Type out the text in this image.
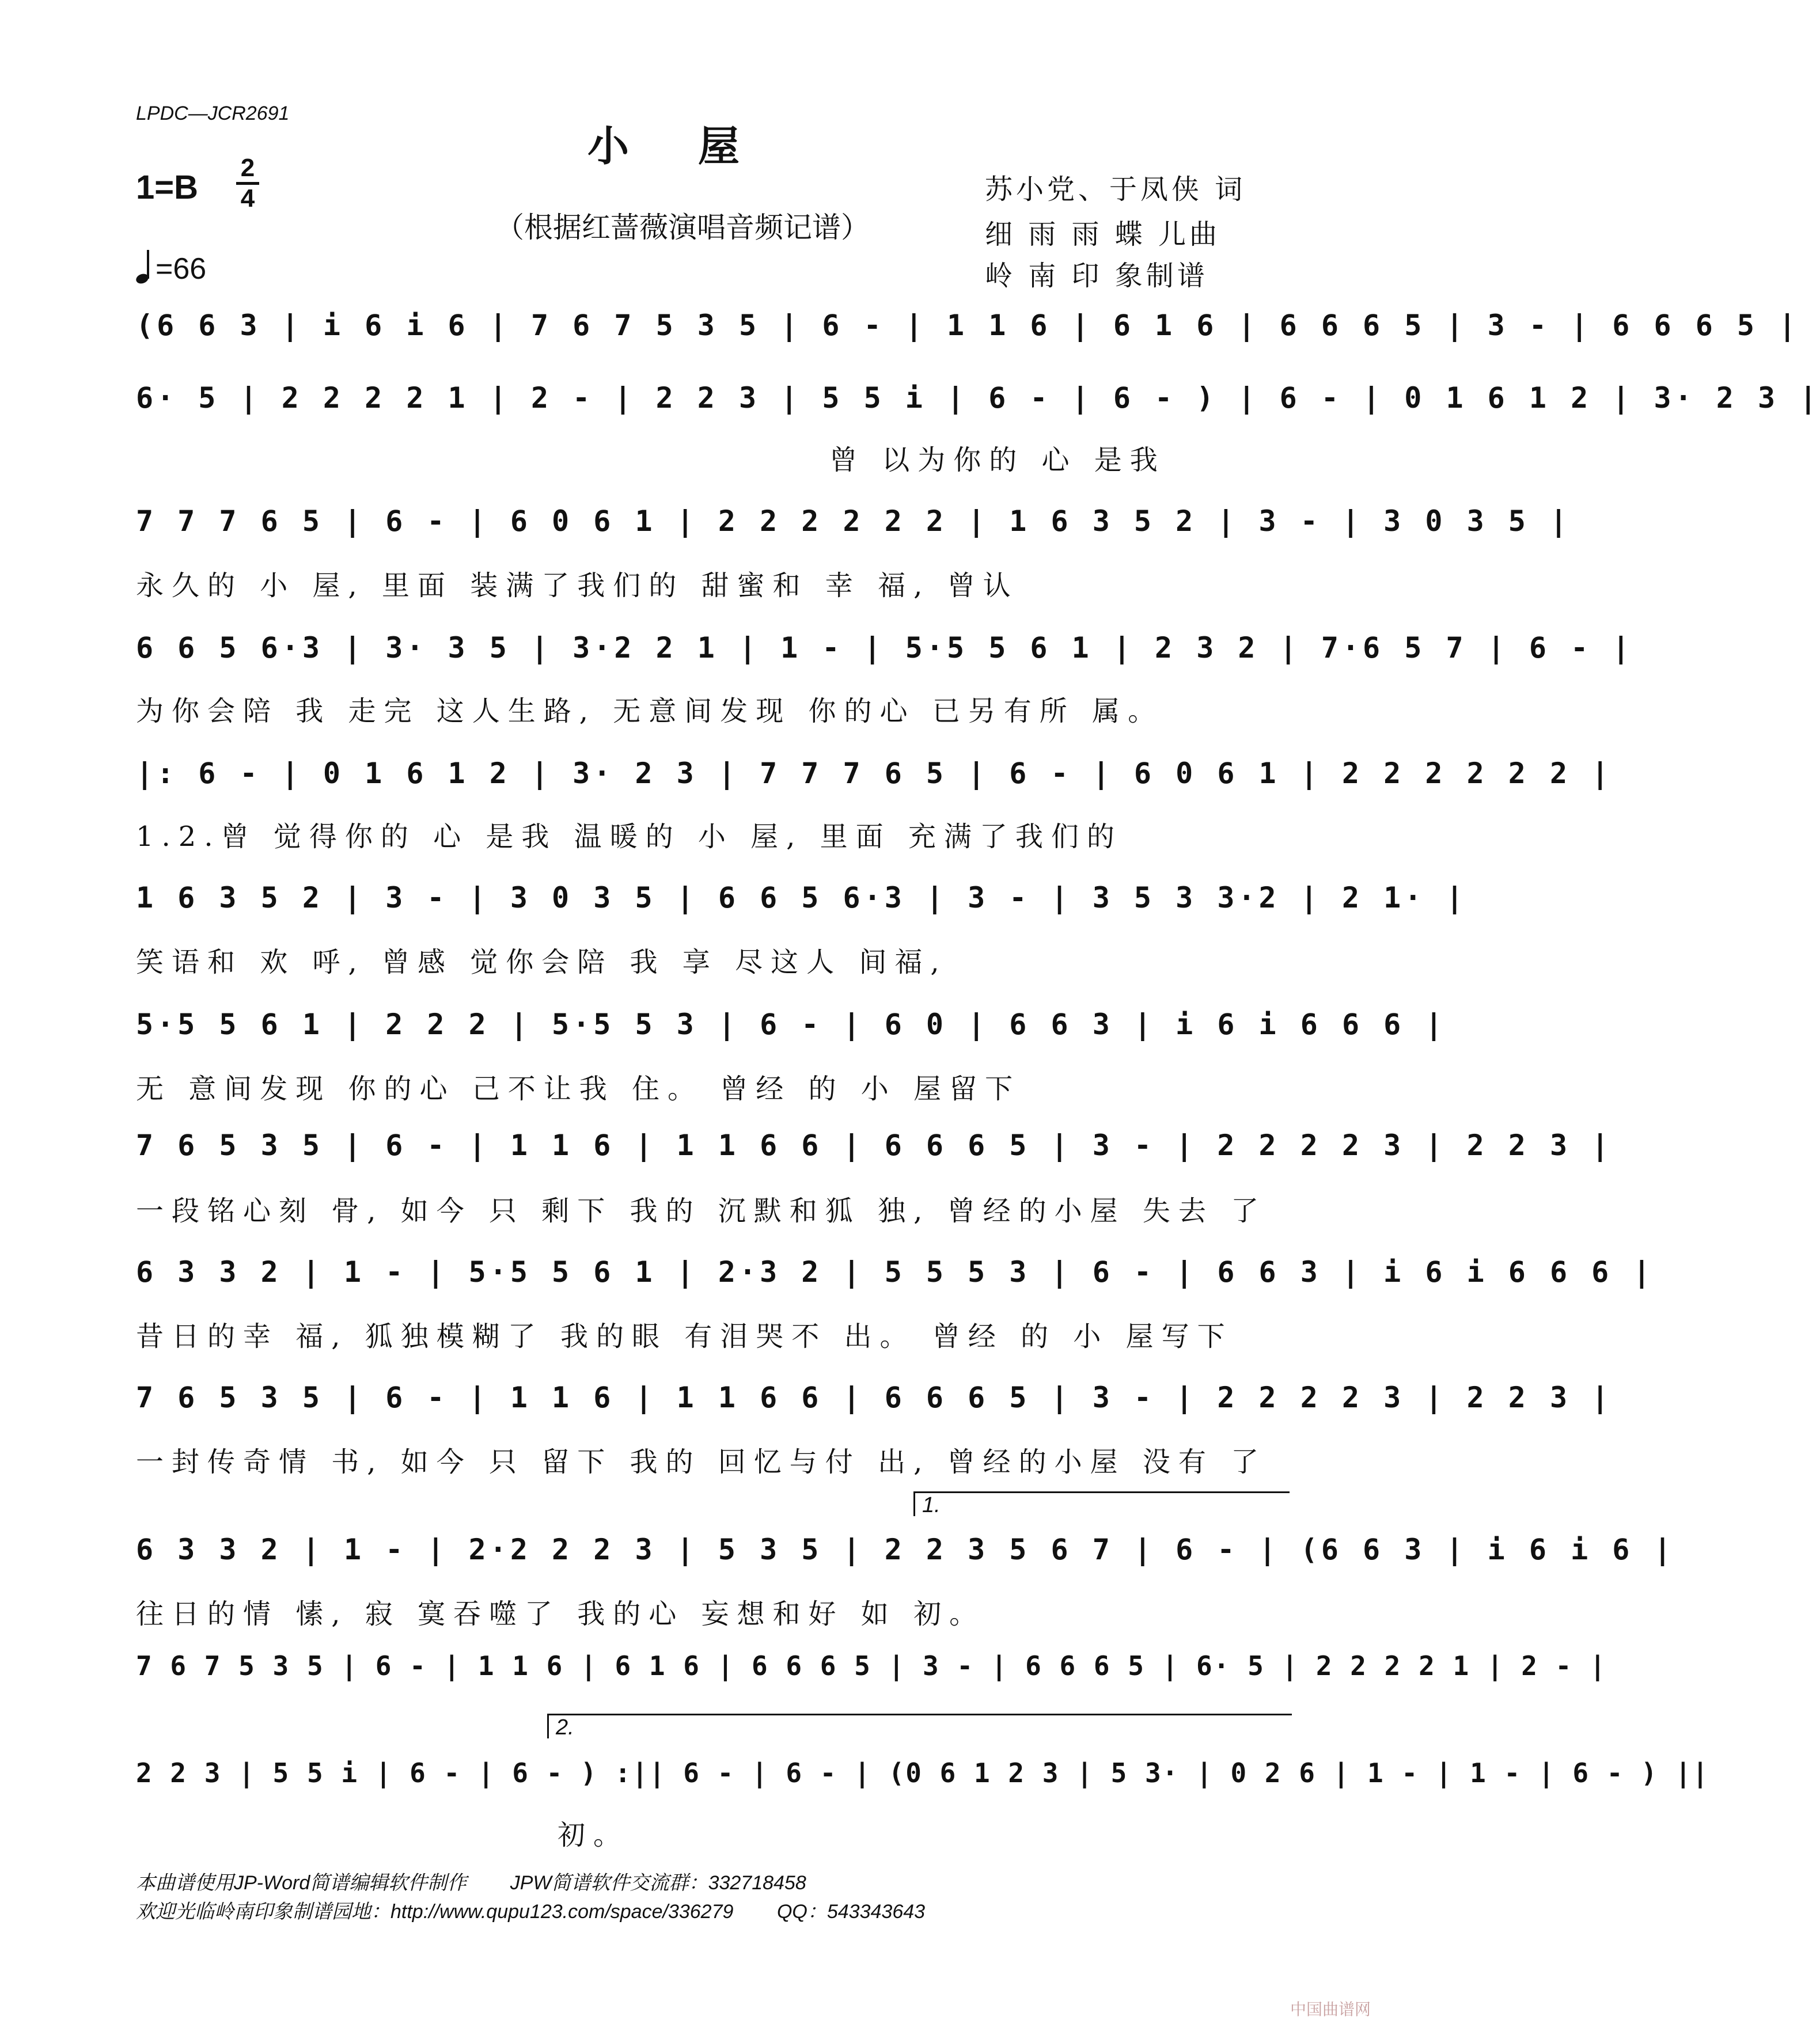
LPDC—JCR2691
小屋
1=B
2
4
（根据红蔷薇演唱音频记谱）
=66
苏小党、于凤侠 词
细 雨 雨 蝶 儿曲
岭 南 印 象制谱
(6 6 3 | i 6 i 6 | 7 6 7 5 3 5 | 6 - | 1 1 6 | 6 1 6 | 6 6 6 5 | 3 - | 6 6 6 5 |
6· 5 | 2 2 2 2 1 | 2 - | 2 2 3 | 5 5 i | 6 - | 6 - ) | 6 - | 0 1 6 1 2 | 3· 2 3 |
曾 以为你的 心 是我
7 7 7 6 5 | 6 - | 6 0 6 1 | 2 2 2 2 2 2 | 1 6 3 5 2 | 3 - | 3 0 3 5 |
永久的 小 屋, 里面 装满了我们的 甜蜜和 幸 福, 曾认
6 6 5 6·3 | 3· 3 5 | 3·2 2 1 | 1 - | 5·5 5 6 1 | 2 3 2 | 7·6 5 7 | 6 - |
为你会陪 我 走完 这人生路, 无意间发现 你的心 已另有所 属。
|: 6 - | 0 1 6 1 2 | 3· 2 3 | 7 7 7 6 5 | 6 - | 6 0 6 1 | 2 2 2 2 2 2 |
1.2.曾 觉得你的 心 是我 温暖的 小 屋, 里面 充满了我们的
1 6 3 5 2 | 3 - | 3 0 3 5 | 6 6 5 6·3 | 3 - | 3 5 3 3·2 | 2 1· |
笑语和 欢 呼, 曾感 觉你会陪 我 享 尽这人 间福,
5·5 5 6 1 | 2 2 2 | 5·5 5 3 | 6 - | 6 0 | 6 6 3 | i 6 i 6 6 6 |
无 意间发现 你的心 己不让我 住。 曾经 的 小 屋留下
7 6 5 3 5 | 6 - | 1 1 6 | 1 1 6 6 | 6 6 6 5 | 3 - | 2 2 2 2 3 | 2 2 3 |
一段铭心刻 骨, 如今 只 剩下 我的 沉默和狐 独, 曾经的小屋 失去 了
6 3 3 2 | 1 - | 5·5 5 6 1 | 2·3 2 | 5 5 5 3 | 6 - | 6 6 3 | i 6 i 6 6 6 |
昔日的幸 福, 狐独模糊了 我的眼 有泪哭不 出。 曾经 的 小 屋写下
7 6 5 3 5 | 6 - | 1 1 6 | 1 1 6 6 | 6 6 6 5 | 3 - | 2 2 2 2 3 | 2 2 3 |
一封传奇情 书, 如今 只 留下 我的 回忆与付 出, 曾经的小屋 没有 了
1.
6 3 3 2 | 1 - | 2·2 2 2 3 | 5 3 5 | 2 2 3 5 6 7 | 6 - | (6 6 3 | i 6 i 6 |
往日的情 愫, 寂 寞吞噬了 我的心 妄想和好 如 初。
7 6 7 5 3 5 | 6 - | 1 1 6 | 6 1 6 | 6 6 6 5 | 3 - | 6 6 6 5 | 6· 5 | 2 2 2 2 1 | 2 - |
2.
2 2 3 | 5 5 i | 6 - | 6 - ) :|| 6 - | 6 - | (0 6 1 2 3 | 5 3· | 0 2 6 | 1 - | 1 - | 6 - ) ||
初。
本曲谱使用JP-Word简谱编辑软件制作        JPW简谱软件交流群：332718458
欢迎光临岭南印象制谱园地：http://www.qupu123.com/space/336279        QQ：543343643
中国曲谱网
